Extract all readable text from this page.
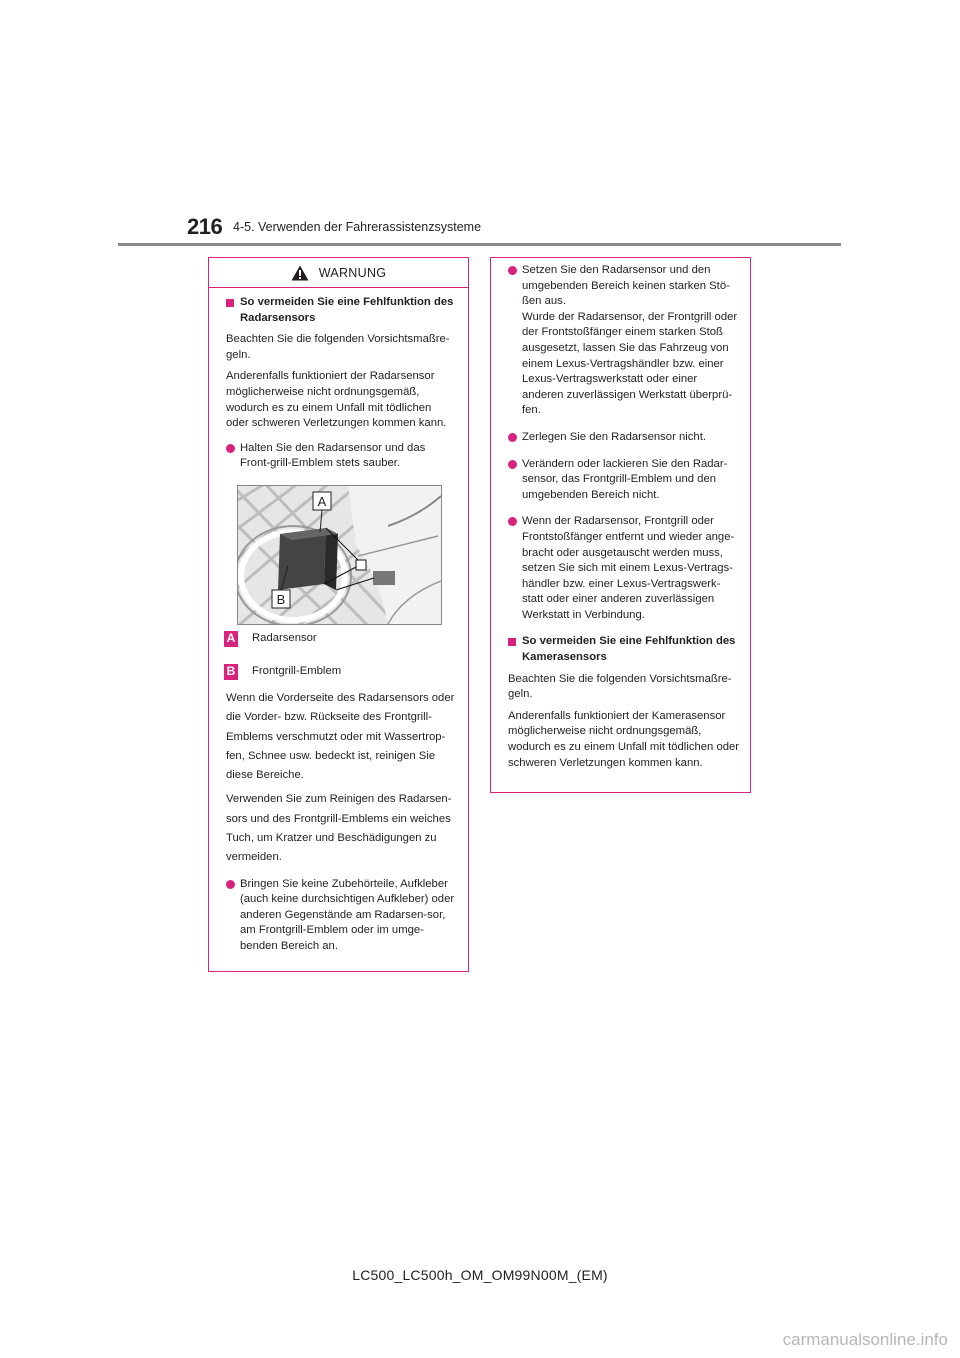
216 4-5. Verwenden der Fahrerassistenzsysteme
WARNUNG
So vermeiden Sie eine Fehlfunktion des Radarsensors

Beachten Sie die folgenden Vorsichtsmaßre-geln.

Anderenfalls funktioniert der Radarsensor möglicherweise nicht ordnungsgemäß, wodurch es zu einem Unfall mit tödlichen oder schweren Verletzungen kommen kann.

Halten Sie den Radarsensor und das Front-grill-Emblem stets sauber.
A
B
A Radarsensor
B Frontgrill-Emblem

Wenn die Vorderseite des Radarsensors oder die Vorder- bzw. Rückseite des Frontgrill-Emblems verschmutzt oder mit Wassertrop-fen, Schnee usw. bedeckt ist, reinigen Sie diese Bereiche.

Verwenden Sie zum Reinigen des Radarsen-sors und des Frontgrill-Emblems ein weiches Tuch, um Kratzer und Beschädigungen zu vermeiden.

Bringen Sie keine Zubehörteile, Aufkleber (auch keine durchsichtigen Aufkleber) oder anderen Gegenstände am Radarsen-sor, am Frontgrill-Emblem oder im umge-benden Bereich an.
Setzen Sie den Radarsensor und den umgebenden Bereich keinen starken Stö-ßen aus.
Wurde der Radarsensor, der Frontgrill oder der Frontstoßfänger einem starken Stoß ausgesetzt, lassen Sie das Fahrzeug von einem Lexus-Vertragshändler bzw. einer Lexus-Vertragswerkstatt oder einer anderen zuverlässigen Werkstatt überprü-fen.
Zerlegen Sie den Radarsensor nicht.
Verändern oder lackieren Sie den Radar-sensor, das Frontgrill-Emblem und den umgebenden Bereich nicht.
Wenn der Radarsensor, Frontgrill oder Frontstoßfänger entfernt und wieder ange-bracht oder ausgetauscht werden muss, setzen Sie sich mit einem Lexus-Vertrags-händler bzw. einer Lexus-Vertragswerk-statt oder einer anderen zuverlässigen Werkstatt in Verbindung.
So vermeiden Sie eine Fehlfunktion des Kamerasensors

Beachten Sie die folgenden Vorsichtsmaßre-geln.

Anderenfalls funktioniert der Kamerasensor möglicherweise nicht ordnungsgemäß, wodurch es zu einem Unfall mit tödlichen oder schweren Verletzungen kommen kann.

LC500_LC500h_OM_OM99N00M_(EM)
carmanualsonline.info
